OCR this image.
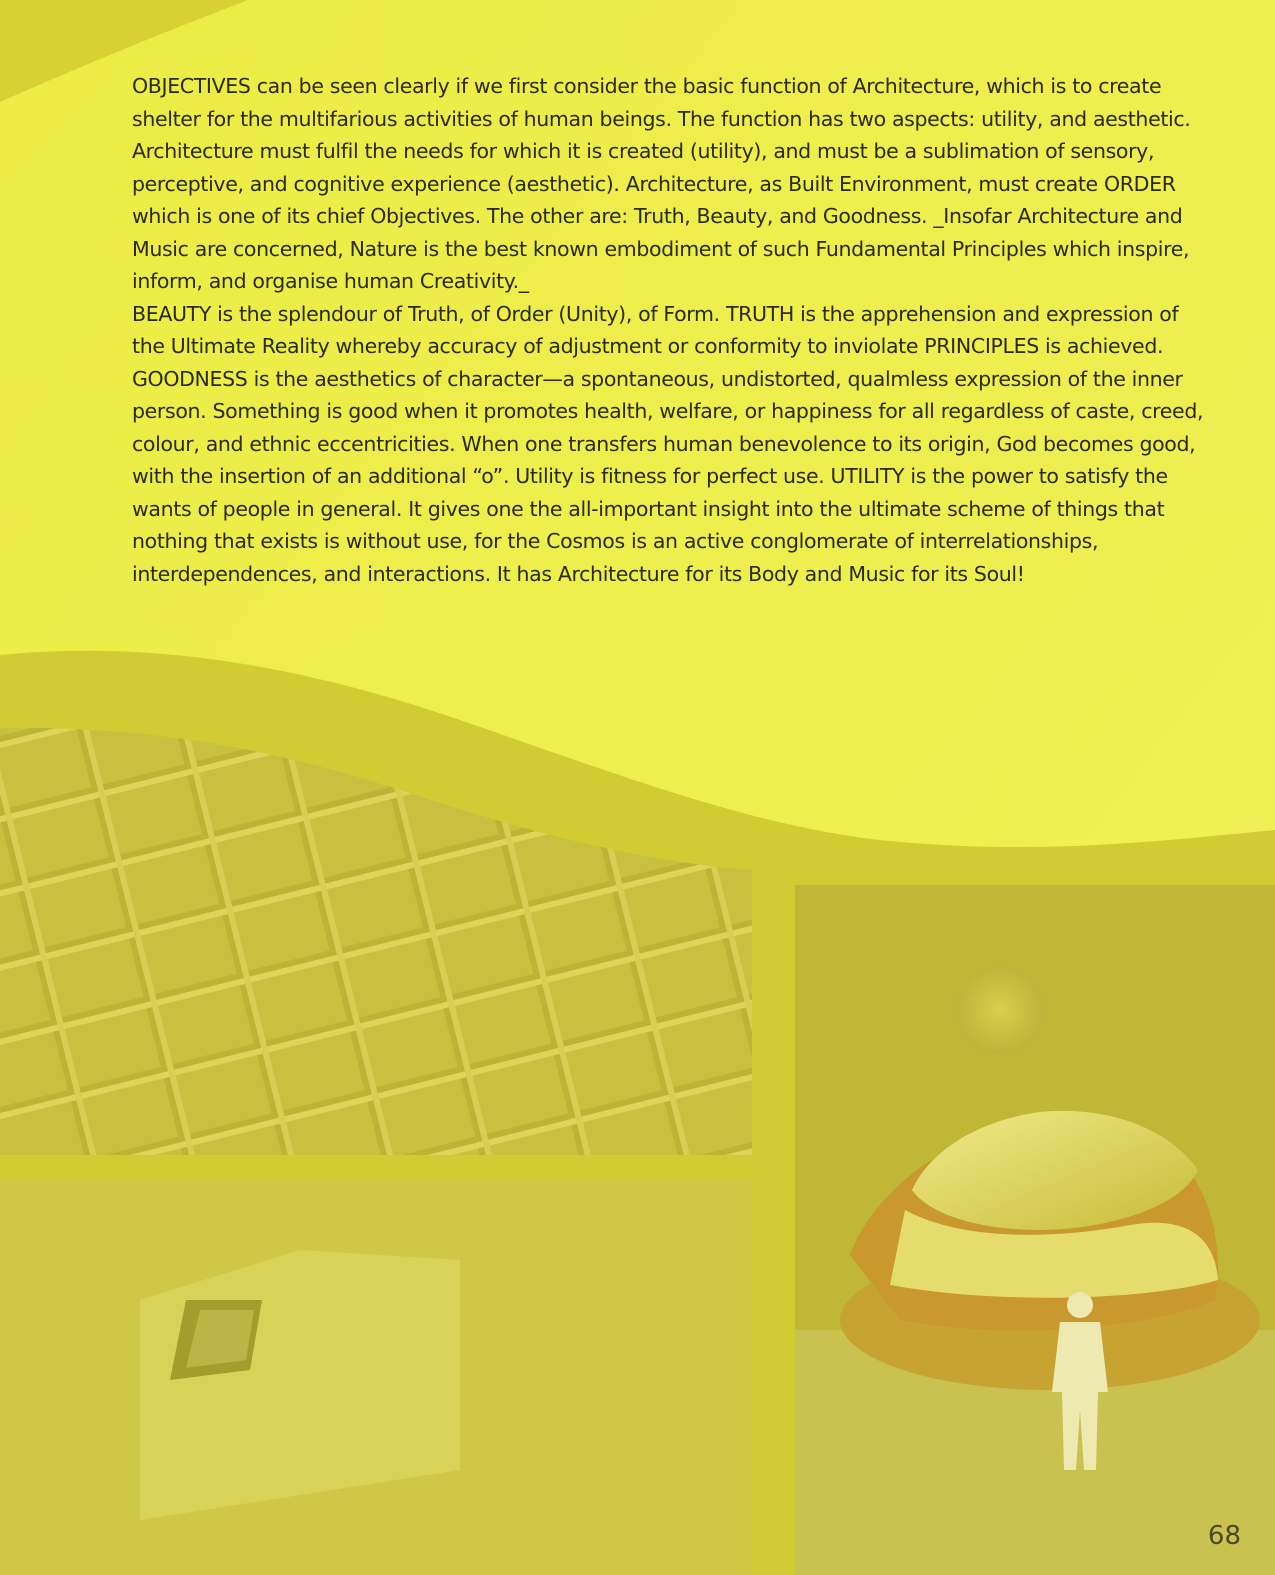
OBJECTIVES can be seen clearly if we first consider the basic function of Architecture, which is to create shelter for the multifarious activities of human beings. The function has two aspects: utility, and aesthetic. Architecture must fulfil the needs for which it is created (utility), and must be a sublimation of sensory, perceptive, and cognitive experience (aesthetic). Architecture, as Built Environment, must create ORDER which is one of its chief Objectives. The other are: Truth, Beauty, and Goodness. _Insofar Architecture and Music are concerned, Nature is the best known embodiment of such Fundamental Principles which inspire, inform, and organise human Creativity._

BEAUTY is the splendour of Truth, of Order (Unity), of Form. TRUTH is the apprehension and expression of the Ultimate Reality whereby accuracy of adjustment or conformity to inviolate PRINCIPLES is achieved. GOODNESS is the aesthetics of character—a spontaneous, undistorted, qualmless expression of the inner person. Something is good when it promotes health, welfare, or happiness for all regardless of caste, creed, colour, and ethnic eccentricities. When one transfers human benevolence to its origin, God becomes good, with the insertion of an additional “o”. Utility is fitness for perfect use. UTILITY is the power to satisfy the wants of people in general. It gives one the all-important insight into the ultimate scheme of things that nothing that exists is without use, for the Cosmos is an active conglomerate of interrelationships, interdependences, and interactions. It has Architecture for its Body and Music for its Soul!

68
